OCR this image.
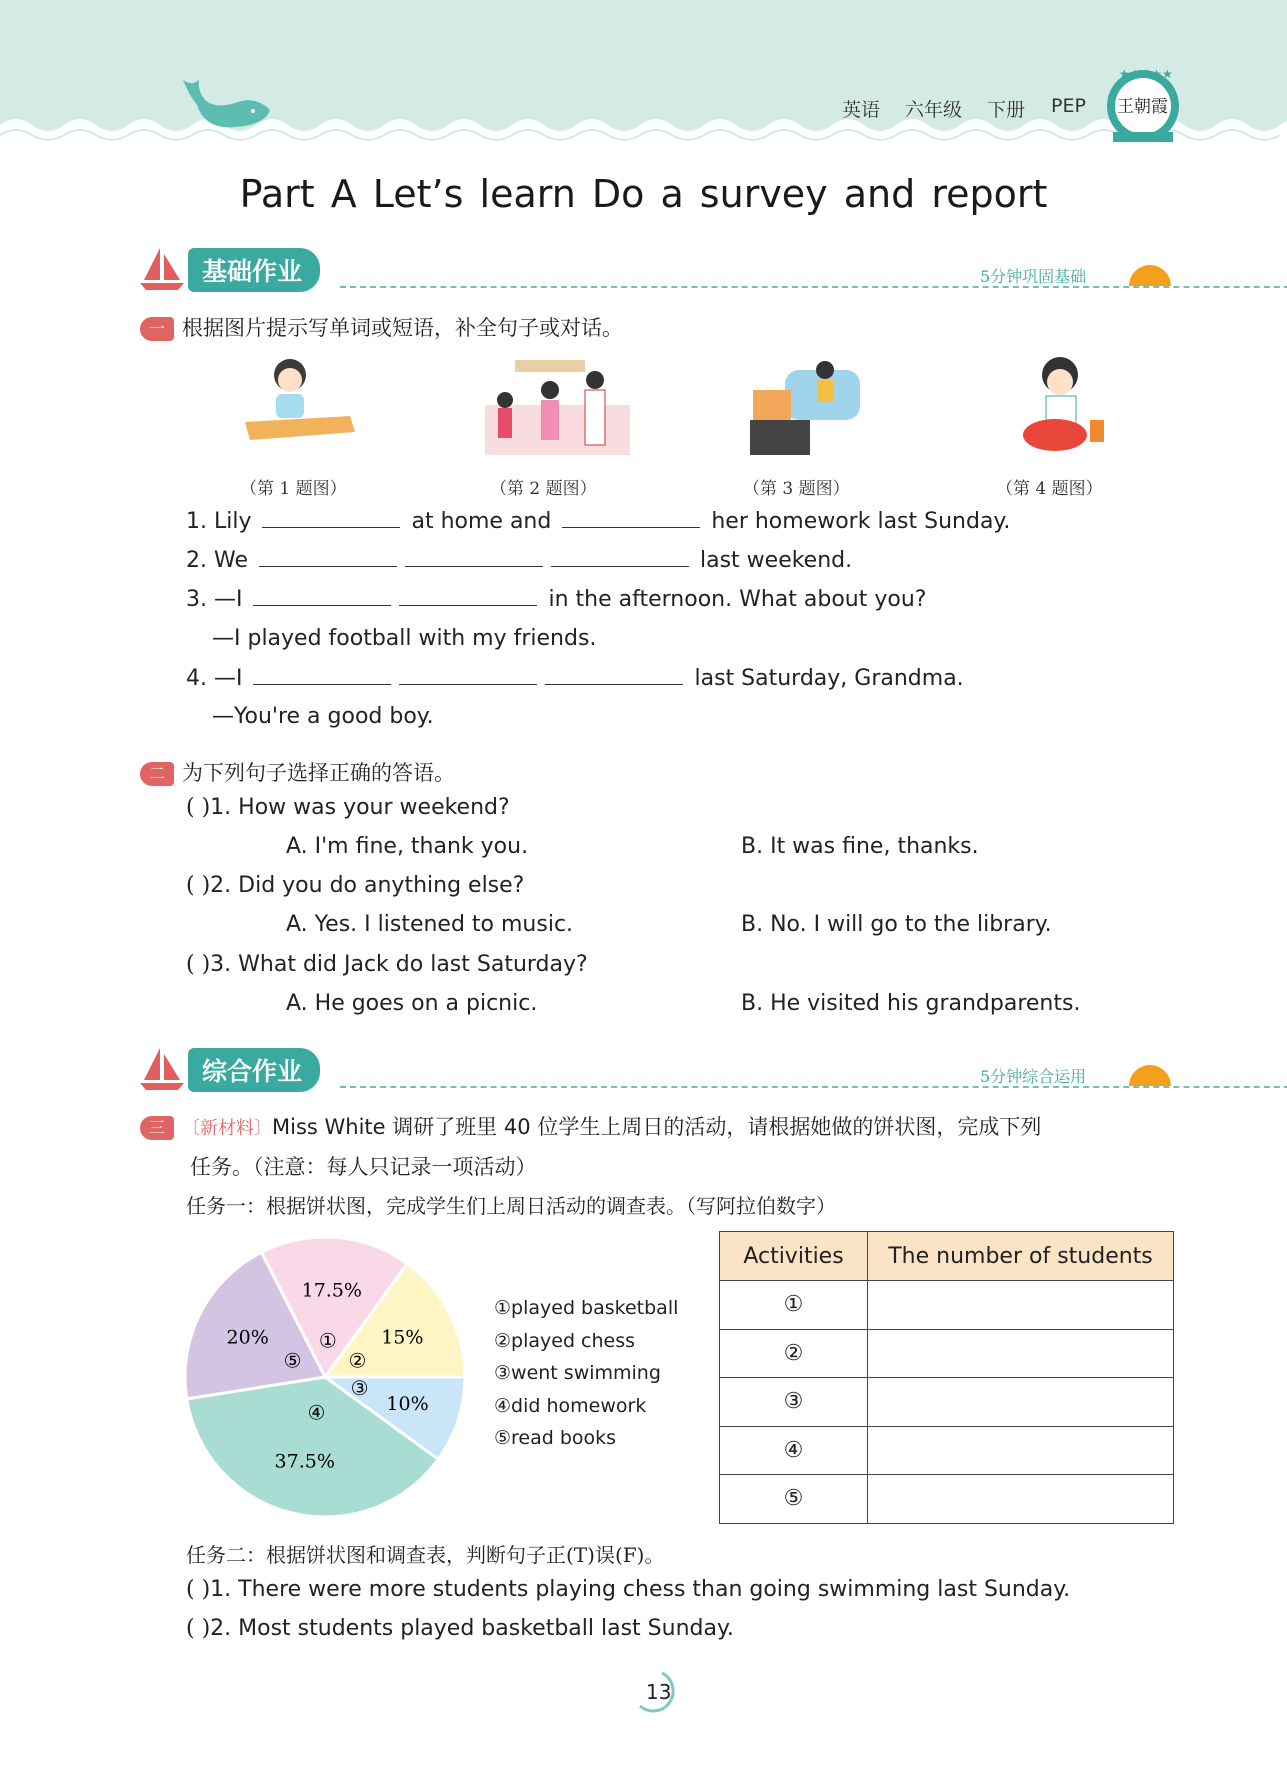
英语 六年级 下册 PEP
★★★★★
王朝霞
Part A Let’s learn Do a survey and report
基础作业	5分钟巩固基础
一 根据图片提示写单词或短语，补全句子或对话。
（第 1 题图）	（第 2 题图）	（第 3 题图）	（第 4 题图）
1. Lily	at home and	her homework last Sunday.
2. We	last weekend.
3. —I	in the afternoon. What about you?
—I played football with my friends.
4. —I	last Saturday, Grandma.
—You're a good boy.
二 为下列句子选择正确的答语。
( )1. How was your weekend?
A. I'm fine, thank you.	B. It was fine, thanks.
( )2. Did you do anything else?
A. Yes. I listened to music.	B. No. I will go to the library.
( )3. What did Jack do last Saturday?
A. He goes on a picnic.	B. He visited his grandparents.
综合作业	5分钟综合运用
三 〔新材料〕Miss White 调研了班里 40 位学生上周日的活动，请根据她做的饼状图，完成下列
任务。（注意：每人只记录一项活动）
任务一：根据饼状图，完成学生们上周日活动的调查表。（写阿拉伯数字）
17.5%
① 15%
②
10%
③
37.5%
④
20%
⑤
①played basketball
②played chess
③went swimming
④did homework
⑤read books
Activities	The number of students
①	
②	
③	
④	
⑤	
任务二：根据饼状图和调查表，判断句子正(T)误(F)。
( )1. There were more students playing chess than going swimming last Sunday.
( )2. Most students played basketball last Sunday.
13
